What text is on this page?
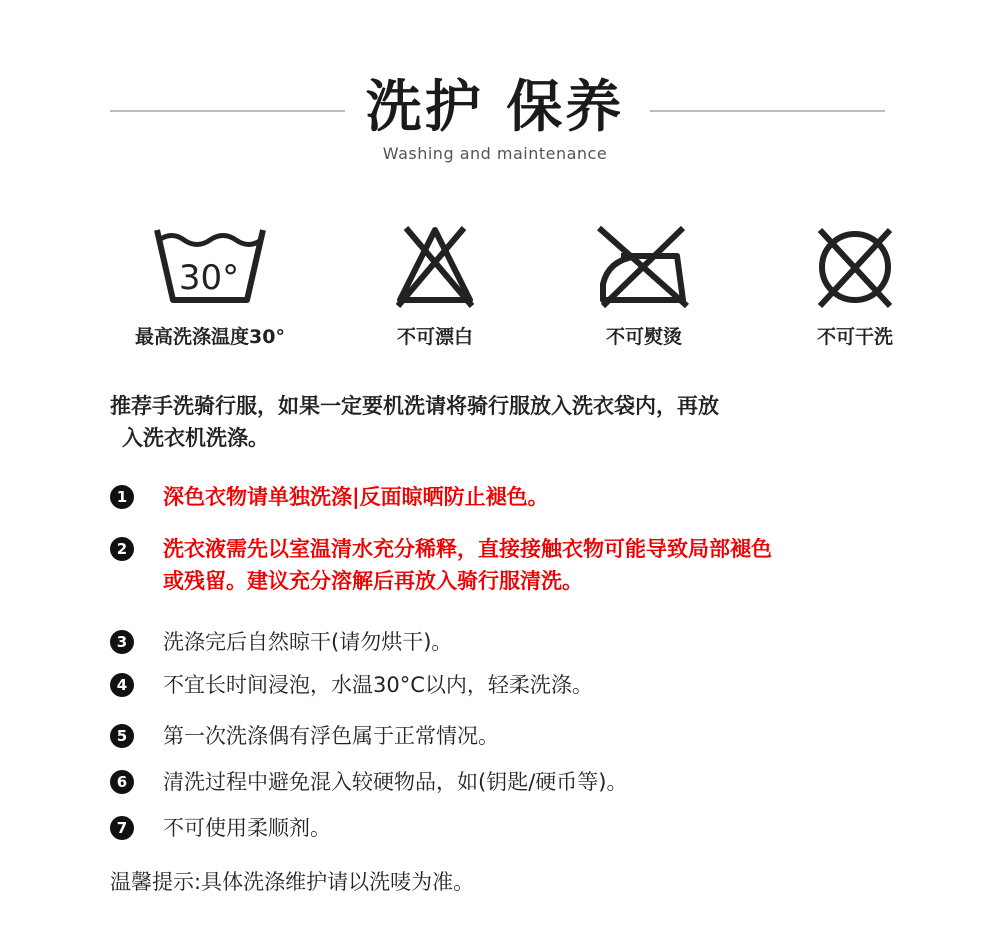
洗护 保养
Washing and maintenance
30°
最高洗涤温度30°	不可漂白	不可熨烫	不可干洗
推荐手洗骑行服，如果一定要机洗请将骑行服放入洗衣袋内，再放
入洗衣机洗涤。
1	深色衣物请单独洗涤|反面晾晒防止褪色。
2	洗衣液需先以室温清水充分稀释，直接接触衣物可能导致局部褪色
或残留。建议充分溶解后再放入骑行服清洗。
3	洗涤完后自然晾干(请勿烘干)。
4	不宜长时间浸泡，水温30°C以内，轻柔洗涤。
5	第一次洗涤偶有浮色属于正常情况。
6	清洗过程中避免混入较硬物品，如(钥匙/硬币等)。
7	不可使用柔顺剂。
温馨提示:具体洗涤维护请以洗唛为准。
